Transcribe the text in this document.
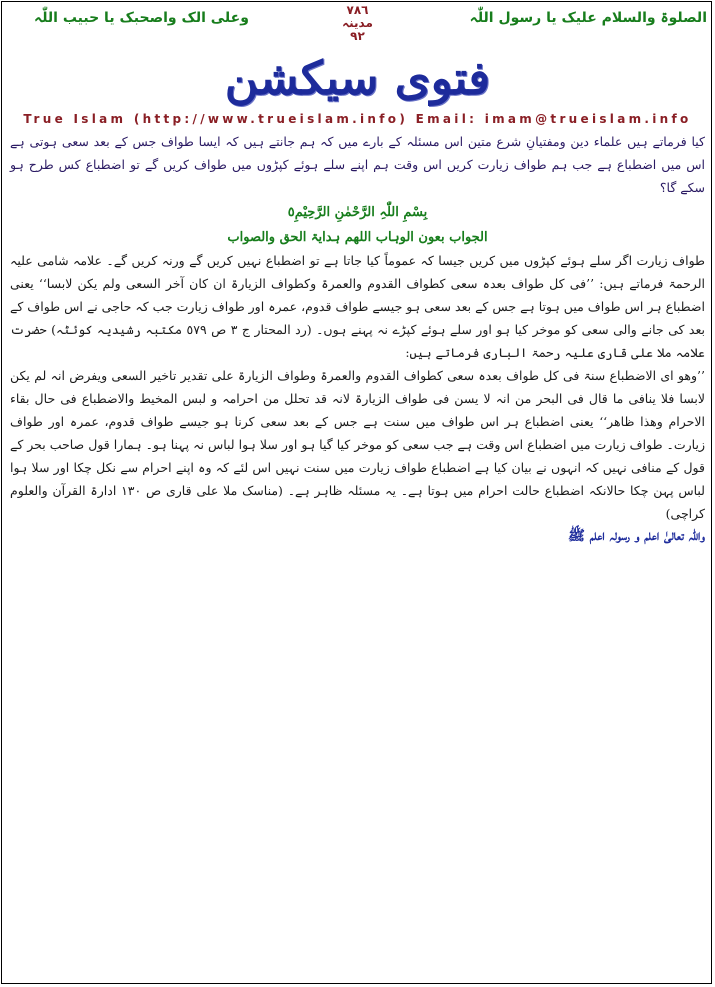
الصلوۃ والسلام علیک یا رسول اللّٰہ
٧٨٦
مدینہ
٩٢
وعلی الک واصحبک یا حبیب اللّٰہ
فتوی سیکشن
True Islam (http://www.trueislam.info) Email: imam@trueislam.info

کیا فرماتے ہیں علماء دین ومفتیانِ شرع متین اس مسئلہ کے بارے میں کہ ہم جانتے ہیں کہ ایسا طواف جس کے بعد سعی ہوتی ہے اس میں اضطباع ہے جب ہم طواف زیارت کریں اس وقت ہم اپنے سلے ہوئے کپڑوں میں طواف کریں گے تو اضطباع کس طرح ہو سکے گا؟

بِسْمِ اللّٰہِ الرَّحْمٰنِ الرَّحِیْمِ٥

الجواب بعون الوہاب اللھم ہدایۃ الحق والصواب

طواف زیارت اگر سلے ہوئے کپڑوں میں کریں جیسا کہ عموماً کیا جاتا ہے تو اضطباع نہیں کریں گے ورنہ کریں گے۔ علامہ شامی علیہ الرحمۃ فرماتے ہیں: ’’فی کل طواف بعدہ سعی کطواف القدوم والعمرۃ وکطواف الزیارۃ ان کان آخر السعی ولم یکن لابسا‘‘ یعنی اضطباع ہر اس طواف میں ہوتا ہے جس کے بعد سعی ہو جیسے طواف قدوم، عمرہ اور طواف زیارت جب کہ حاجی نے اس طواف کے بعد کی جانے والی سعی کو موخر کیا ہو اور سلے ہوئے کپڑے نہ پہنے ہوں۔ (رد المحتار ج ٣ ص ٥٧٩ مکتبہ رشیدیہ کوئٹہ) حضرت علامہ ملا علی قاری علیہ رحمۃ الباری فرماتے ہیں:

’’وھو ای الاضطباع سنۃ فی کل طواف بعدہ سعی کطواف القدوم والعمرۃ وطواف الزیارۃ علی تقدیر تاخیر السعی ویفرض انہ لم یکن لابسا فلا ینافی ما قال فی البحر من انہ لا یسن فی طواف الزیارۃ لانہ قد تحلل من احرامہ و لبس المخیط والاضطباع فی حال بقاء الاحرام وھذا ظاھر‘‘ یعنی اضطباع ہر اس طواف میں سنت ہے جس کے بعد سعی کرنا ہو جیسے طواف قدوم، عمرہ اور طواف زیارت۔ طواف زیارت میں اضطباع اس وقت ہے جب سعی کو موخر کیا گیا ہو اور سلا ہوا لباس نہ پہنا ہو۔ ہمارا قول صاحب بحر کے قول کے منافی نہیں کہ انہوں نے بیان کیا ہے اضطباع طواف زیارت میں سنت نہیں اس لئے کہ وہ اپنے احرام سے نکل چکا اور سلا ہوا لباس پہن چکا حالانکہ اضطباع حالت احرام میں ہوتا ہے۔ یہ مسئلہ ظاہر ہے۔ (مناسک ملا علی قاری ص ١٣٠ ادارۃ القرآن والعلوم کراچی)

واللّٰہ تعالیٰ اعلم و رسولہ اعلم ﷺ
